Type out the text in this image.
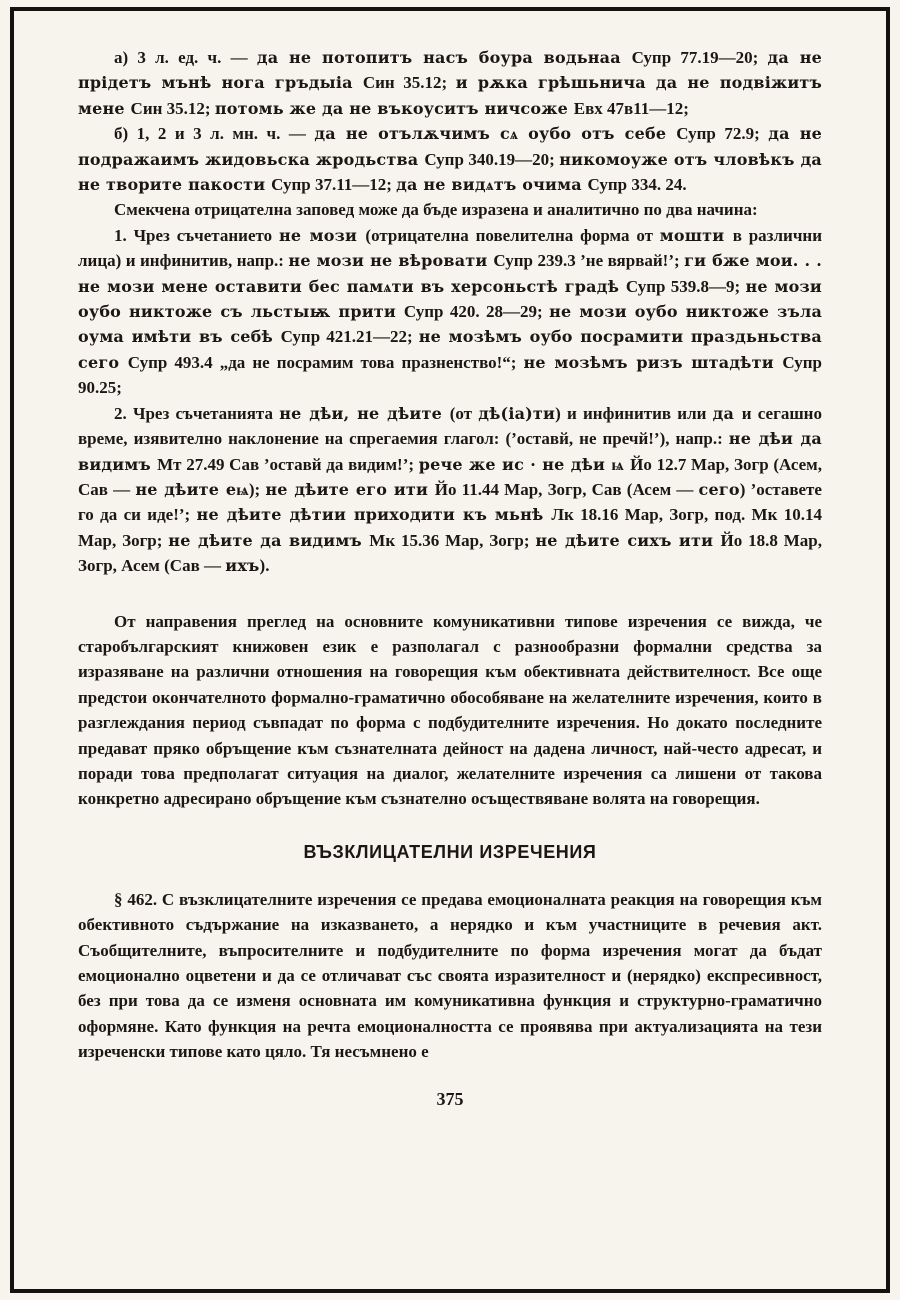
а) 3 л. ед. ч. — да не потопитъ насъ боура водьнаа Супр 77.19—20; да не прідетъ мънѣ нога гръдыіа Син 35.12; и рѫка грѣшьнича да не подвіжитъ мене Син 35.12; потомь же да не въкоуситъ ничсоже Евх 47в11—12;

б) 1, 2 и 3 л. мн. ч. — да не отълѫчимъ сѧ оубо отъ себе Супр 72.9; да не подражаимъ жидовьска жродьства Супр 340.19—20; никомоуже отъ чловѣкъ да не творите пакости Супр 37.11—12; да не видѧтъ очима Супр 334. 24.

Смекчена отрицателна заповед може да бъде изразена и аналитично по два начина:

1. Чрез съчетанието не мози (отрицателна повелителна форма от мошти в различни лица) и инфинитив, напр.: не мози не вѣровати Супр 239.3 ’не вярвай!’; ги бже мои. . . не мози мене оставити бес памѧти въ херсоньстѣ градѣ Супр 539.8—9; не мози оубо никтоже съ льстыѭ прити Супр 420. 28—29; не мози оубо никтоже зъла оума имѣти въ себѣ Супр 421.21—22; не мозѣмъ оубо посрамити праздьньства сего Супр 493.4 „да не посрамим това празненство!“; не мозѣмъ ризъ штадѣти Супр 90.25;

2. Чрез съчетанията не дѣи, не дѣите (от дѣ(іа)ти) и инфинитив или да и сегашно време, изявително наклонение на спрегаемия глагол: (’оставй, не пречй!’), напр.: не дѣи да видимъ Мт 27.49 Сав ’оставй да видим!’; рече же ис · не дѣи ѩ Йо 12.7 Мар, Зогр (Асем, Сав — не дѣите еѩ); не дѣите его ити Йо 11.44 Мар, Зогр, Сав (Асем — сего) ’оставете го да си иде!’; не дѣите дѣтии приходити къ мьнѣ Лк 18.16 Мар, Зогр, под. Мк 10.14 Мар, Зогр; не дѣите да видимъ Мк 15.36 Мар, Зогр; не дѣите сихъ ити Йо 18.8 Мар, Зогр, Асем (Сав — ихъ).

От направения преглед на основните комуникативни типове изречения се вижда, че старобългарският книжовен език е разполагал с разнообразни формални средства за изразяване на различни отношения на говорещия към обективната действителност. Все още предстои окончателното формално-граматично обособяване на желателните изречения, които в разглеждания период съвпадат по форма с подбудителните изречения. Но докато последните предават пряко обръщение към съзнателната дейност на дадена личност, най-често адресат, и поради това предполагат ситуация на диалог, желателните изречения са лишени от такова конкретно адресирано обръщение към съзнателно осъществяване волята на говорещия.

ВЪЗКЛИЦАТЕЛНИ ИЗРЕЧЕНИЯ

§ 462. С възклицателните изречения се предава емоционалната реакция на говорещия към обективното съдържание на изказването, а нерядко и към участниците в речевия акт. Съобщителните, въпросителните и подбудителните по форма изречения могат да бъдат емоционално оцветени и да се отличават със своята изразителност и (нерядко) експресивност, без при това да се изменя основната им комуникативна функция и структурно-граматично оформяне. Като функция на речта емоционалността се проявява при актуализацията на тези изреченски типове като цяло. Тя несъмнено е

375
